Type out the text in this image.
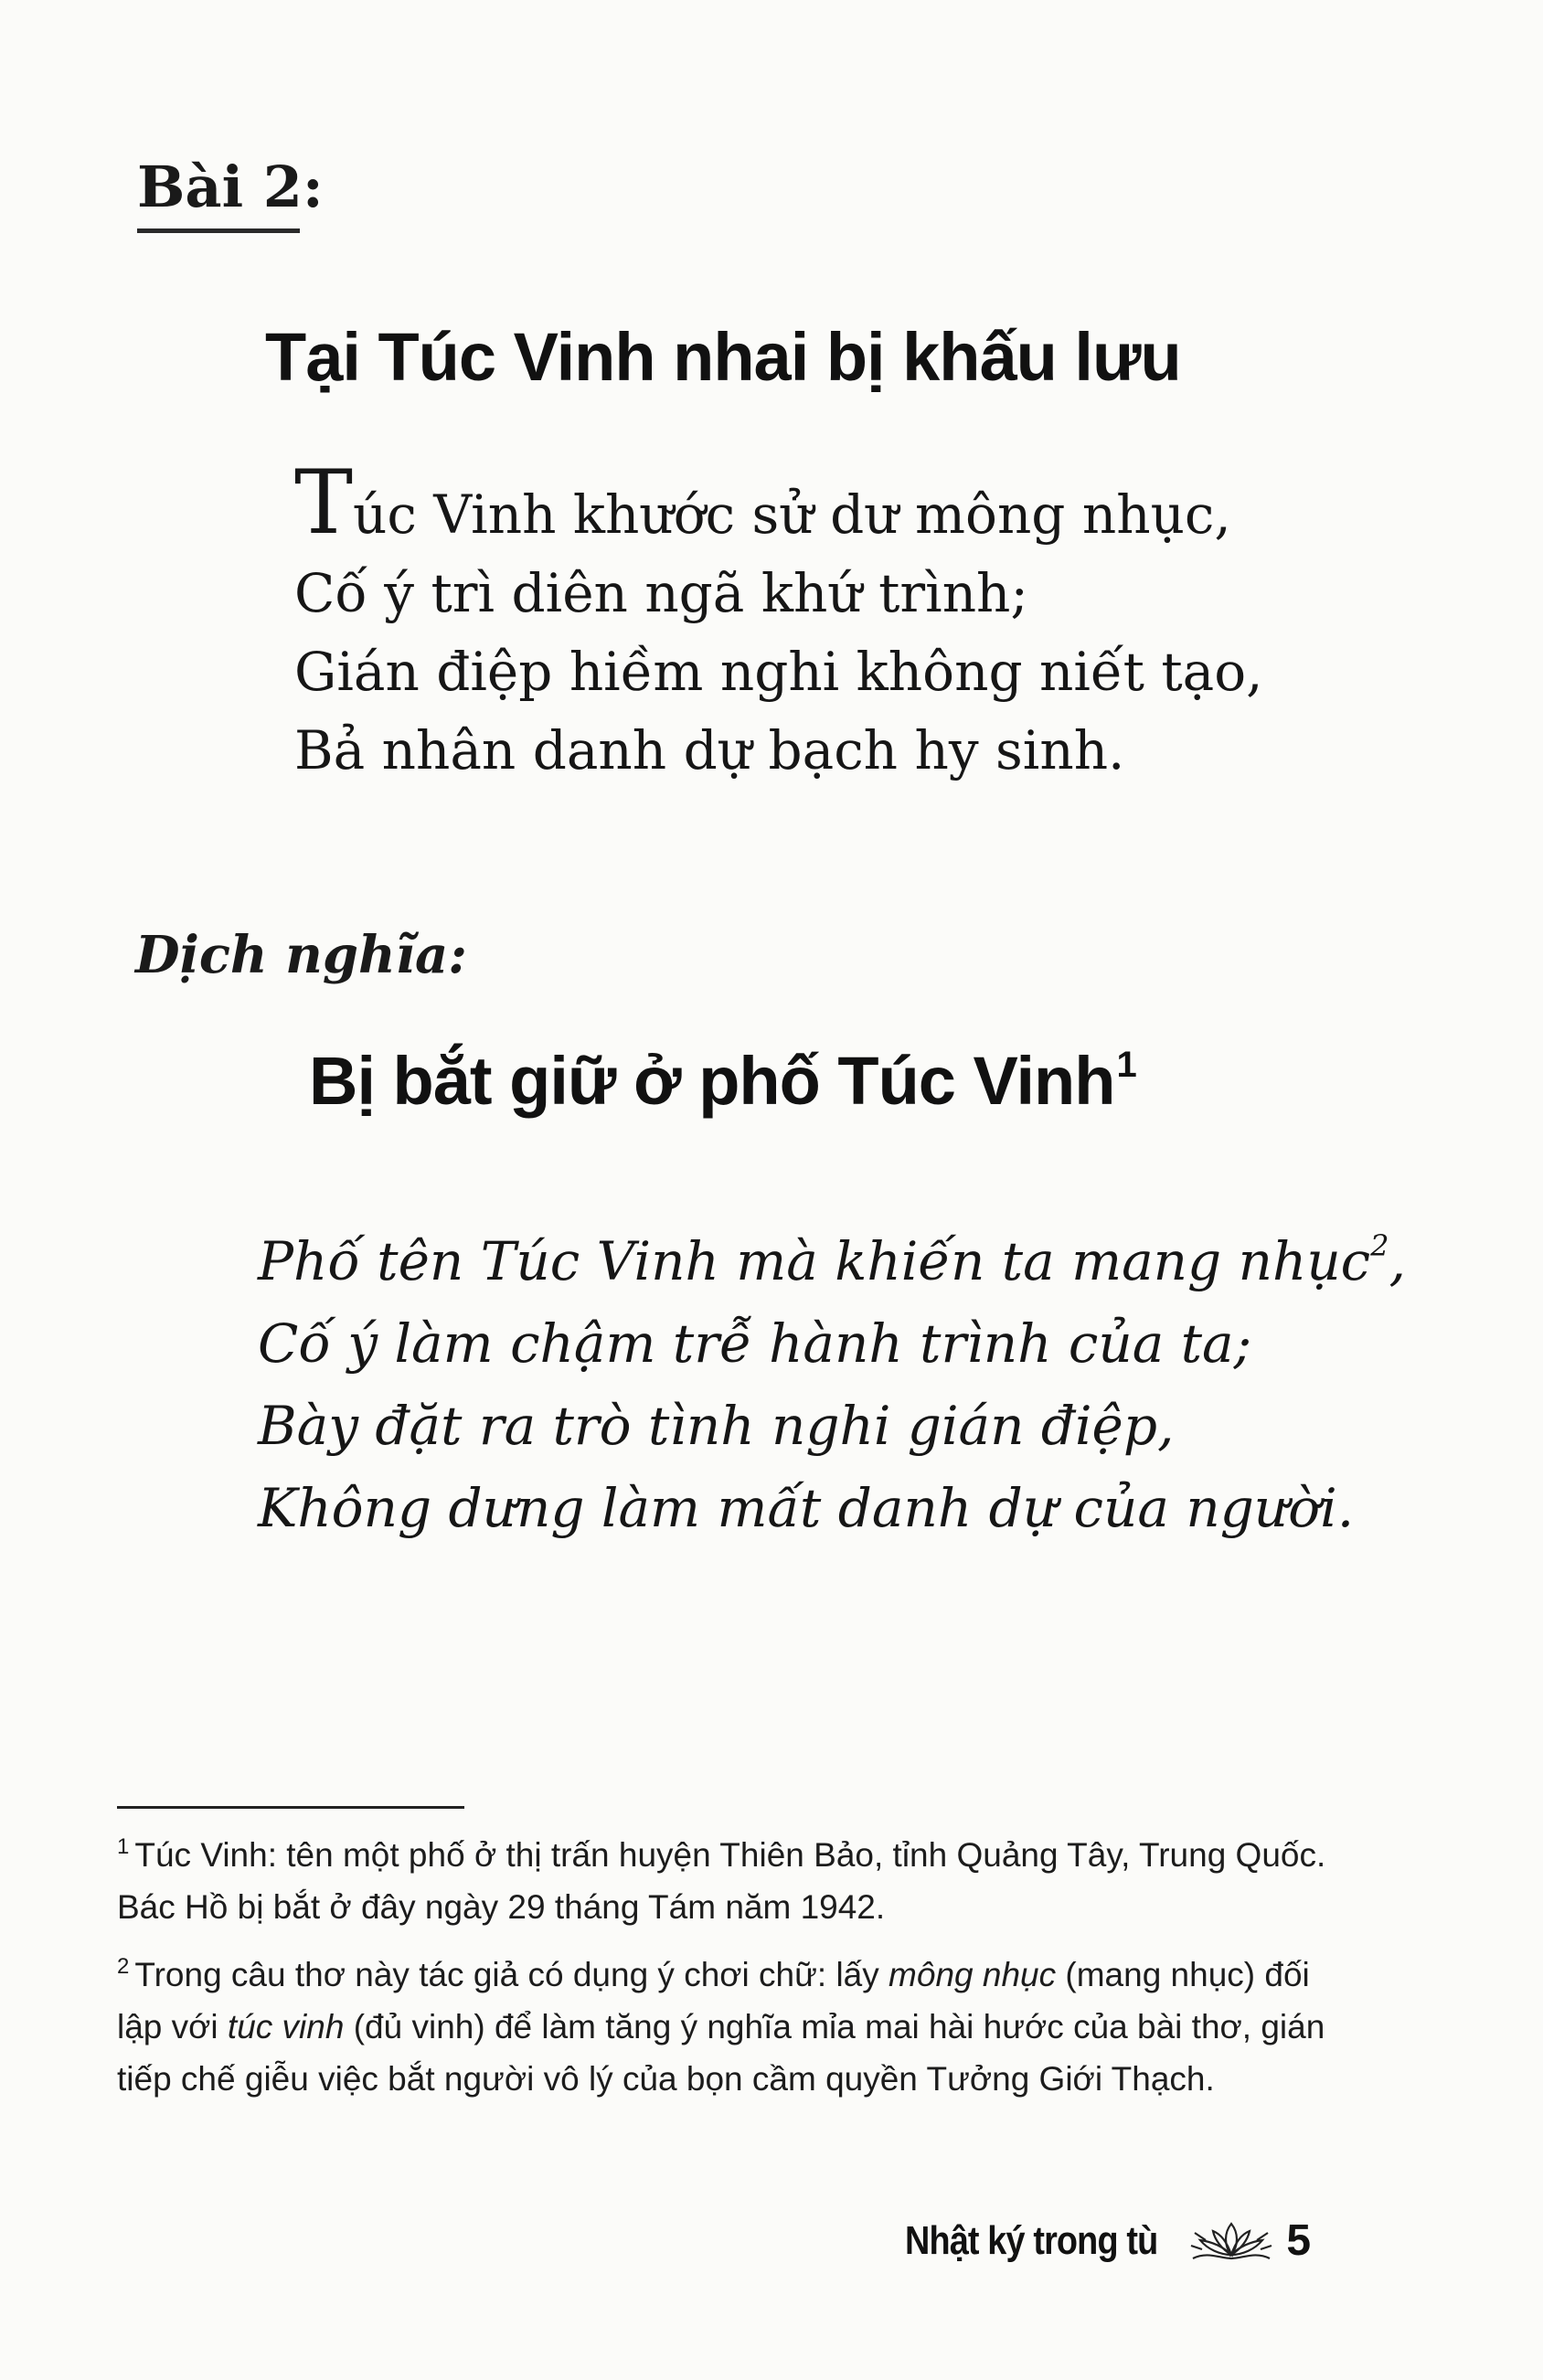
Bài 2:
Tại Túc Vinh nhai bị khấu lưu
Túc Vinh khước sử dư mông nhục,
Cố ý trì diên ngã khứ trình;
Gián điệp hiềm nghi không niết tạo,
Bả nhân danh dự bạch hy sinh.
Dịch nghĩa:
Bị bắt giữ ở phố Túc Vinh$^1$
Phố tên Túc Vinh mà khiến ta mang nhục$^2$,
Cố ý làm chậm trễ hành trình của ta;
Bày đặt ra trò tình nghi gián điệp,
Không dưng làm mất danh dự của người.

$^1$ Túc Vinh: tên một phố ở thị trấn huyện Thiên Bảo, tỉnh Quảng Tây, Trung Quốc. Bác Hồ bị bắt ở đây ngày 29 tháng Tám năm 1942.

$^2$ Trong câu thơ này tác giả có dụng ý chơi chữ: lấy mông nhục (mang nhục) đối lập với túc vinh (đủ vinh) để làm tăng ý nghĩa mỉa mai hài hước của bài thơ, gián tiếp chế giễu việc bắt người vô lý của bọn cầm quyền Tưởng Giới Thạch.

Nhật ký trong tù	5
